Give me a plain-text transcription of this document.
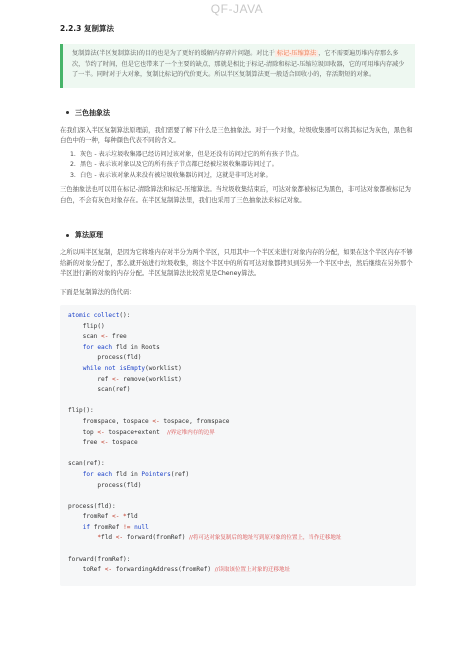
QF-JAVA
2.2.3 复制算法
复制算法(半区复制算法)的目的也是为了更好的缓解内存碎片问题。对比于 标记-压缩算法 ，它不需要遍历堆内存那么多次，节约了时间，但是它也带来了一个主要的缺点，那就是相比于标记-清除和标记-压缩垃圾回收器，它的可用堆内存减少了一半。同时对于大对象，复制比标记的代价更大。所以半区复制算法更一般适合回收小的，存活期短的对象。
三色抽象法
在我们深入半区复制算法原理前，我们需要了解下什么是三色抽象法。对于一个对象，垃圾收集器可以将其标记为灰色，黑色和白色中的一种，每种颜色代表不同的含义。
1. 灰色 - 表示垃圾收集器已经访问过该对象，但是还没有访问过它的所有孩子节点。
2. 黑色 - 表示该对象以及它的所有孩子节点都已经被垃圾收集器访问过了。
3. 白色 - 表示该对象从来没有被垃圾收集器访问过，这就是非可达对象。
三色抽象法也可以用在标记-清除算法和标记-压缩算法。当垃圾收集结束后，可达对象都被标记为黑色，非可达对象都被标记为白色，不会有灰色对象存在。在半区复制算法里，我们也采用了三色抽象法来标记对象。
算法原理
之所以叫半区复制，是因为它将堆内存对半分为两个半区，只用其中一个半区来进行对象内存的分配，如果在这个半区内存不够给新的对象分配了，那么就开始进行垃圾收集，将这个半区中的所有可达对象都拷贝到另外一个半区中去，然后继续在另外那个半区进行新的对象的内存分配。半区复制算法比较常见是Cheney算法。
下面是复制算法的伪代码：
atomic collect():
flip()
scan <- free
for each fld in Roots
process(fld)
while not isEmpty(worklist)
ref <- remove(worklist)
scan(ref)
flip():
fromspace, tospace <- tospace, fromspace
top <- tospace+extent  //界定堆内存的边界
free <- tospace
scan(ref):
for each fld in Pointers(ref)
process(fld)
process(fld):
fromRef <- *fld
if fromRef != null
*fld <- forward(fromRef) //将可达对象复制后的地址写到原对象的位置上，当作迁移地址
forward(fromRef):
toRef <- forwardingAddress(fromRef) //读取该位置上对象的迁移地址
